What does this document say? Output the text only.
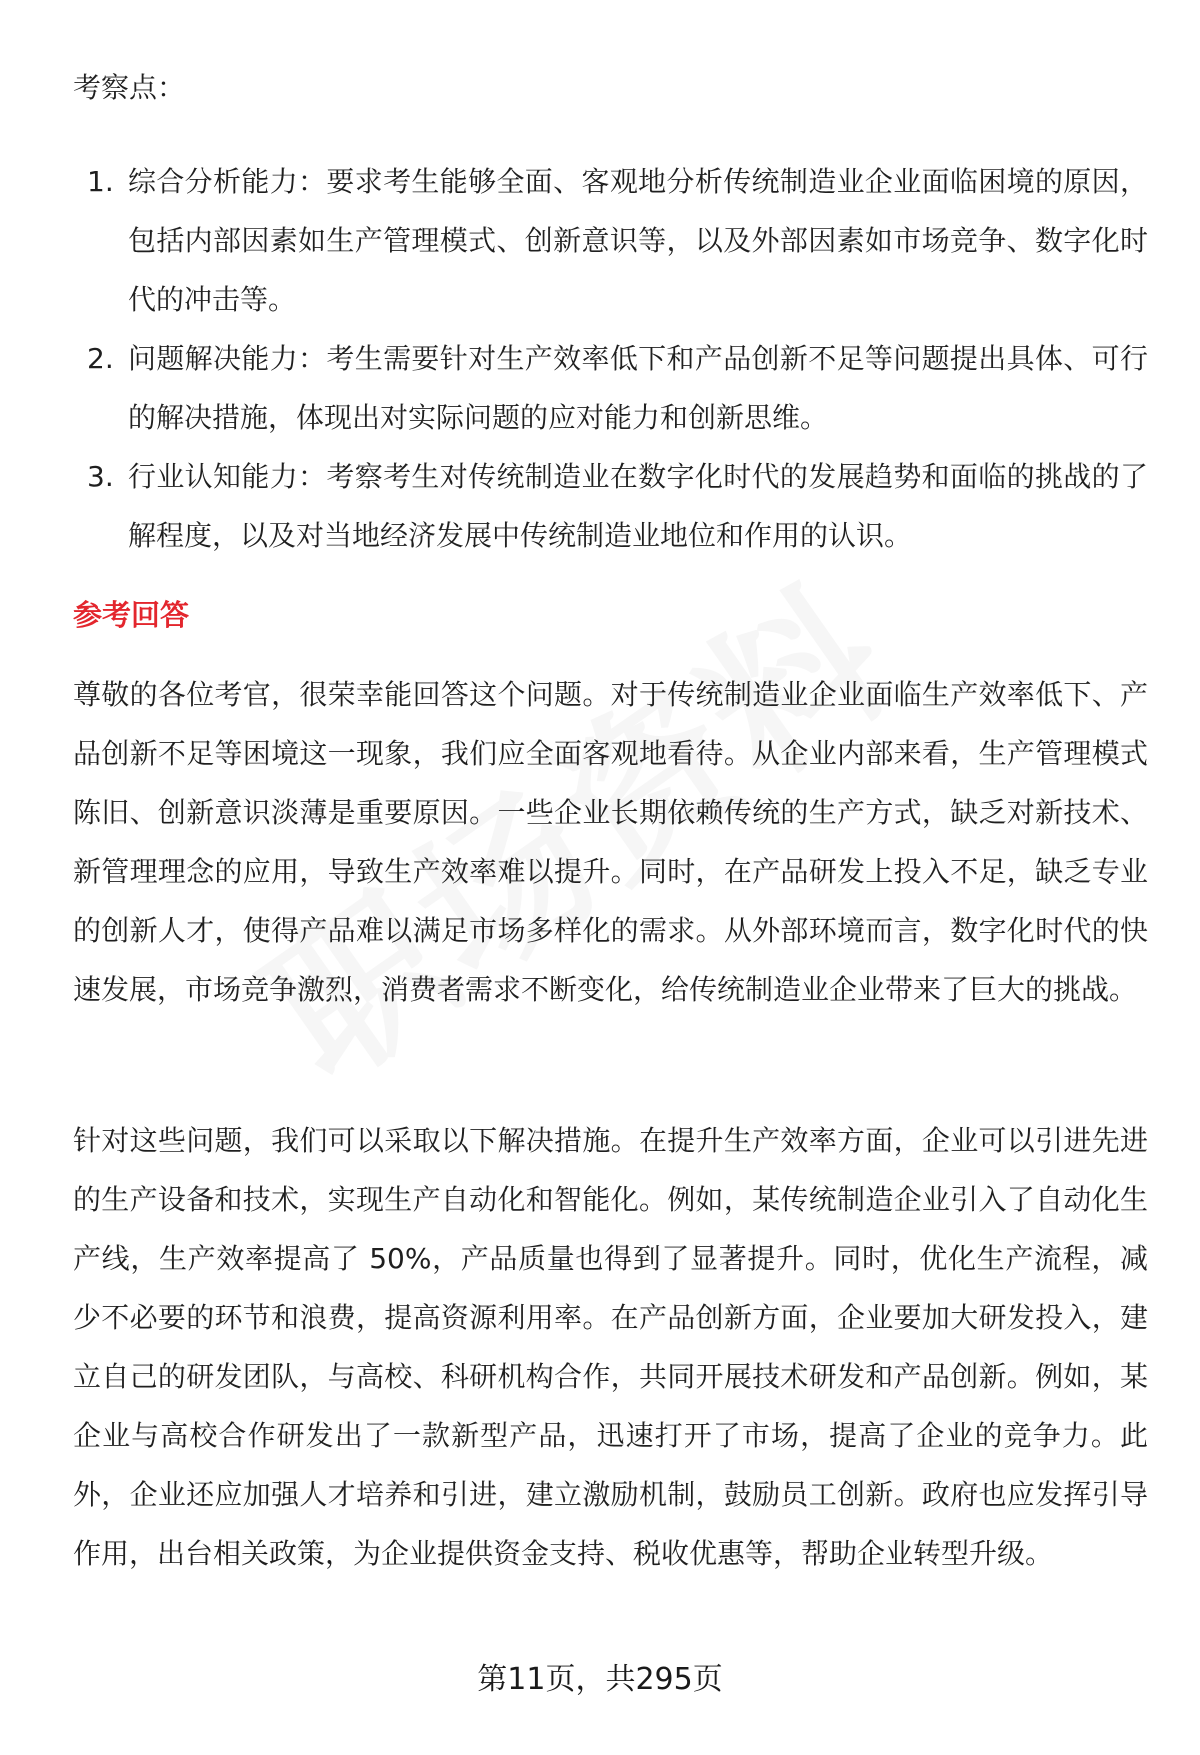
考察点：
1. 综合分析能力：要求考生能够全面、客观地分析传统制造业企业面临困境的原因，包括内部因素如生产管理模式、创新意识等，以及外部因素如市场竞争、数字化时代的冲击等。
2. 问题解决能力：考生需要针对生产效率低下和产品创新不足等问题提出具体、可行的解决措施，体现出对实际问题的应对能力和创新思维。
3. 行业认知能力：考察考生对传统制造业在数字化时代的发展趋势和面临的挑战的了解程度，以及对当地经济发展中传统制造业地位和作用的认识。
参考回答

尊敬的各位考官，很荣幸能回答这个问题。对于传统制造业企业面临生产效率低下、产品创新不足等困境这一现象，我们应全面客观地看待。从企业内部来看，生产管理模式陈旧、创新意识淡薄是重要原因。一些企业长期依赖传统的生产方式，缺乏对新技术、新管理理念的应用，导致生产效率难以提升。同时，在产品研发上投入不足，缺乏专业的创新人才，使得产品难以满足市场多样化的需求。从外部环境而言，数字化时代的快速发展，市场竞争激烈，消费者需求不断变化，给传统制造业企业带来了巨大的挑战。

针对这些问题，我们可以采取以下解决措施。在提升生产效率方面，企业可以引进先进的生产设备和技术，实现生产自动化和智能化。例如，某传统制造企业引入了自动化生产线，生产效率提高了 50%，产品质量也得到了显著提升。同时，优化生产流程，减少不必要的环节和浪费，提高资源利用率。在产品创新方面，企业要加大研发投入，建立自己的研发团队，与高校、科研机构合作，共同开展技术研发和产品创新。例如，某企业与高校合作研发出了一款新型产品，迅速打开了市场，提高了企业的竞争力。此外，企业还应加强人才培养和引进，建立激励机制，鼓励员工创新。政府也应发挥引导作用，出台相关政策，为企业提供资金支持、税收优惠等，帮助企业转型升级。

第11页，共295页
